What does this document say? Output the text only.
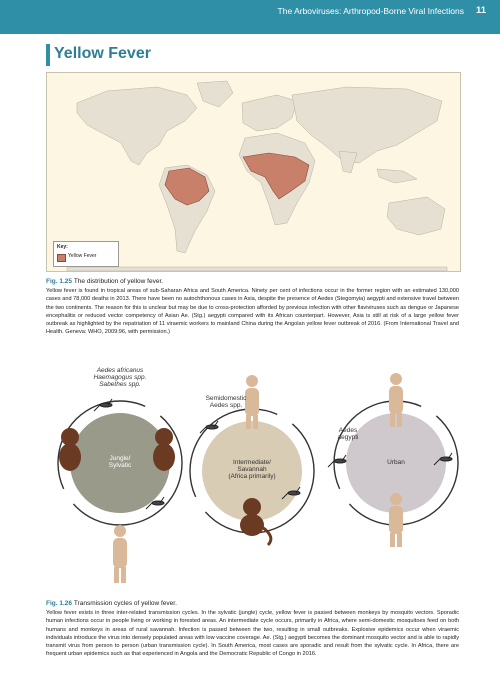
The Arboviruses: Arthropod-Borne Viral Infections 11
Yellow Fever
Key:
Yellow Fever
Fig. 1.25 The distribution of yellow fever.
Yellow fever is found in tropical areas of sub-Saharan Africa and South America. Ninety per cent of infections occur in the former region with an estimated 130,000 cases and 78,000 deaths in 2013. There have been no autochthonous cases in Asia, despite the presence of Aedes (Stegomyia) aegypti and extensive travel between the two continents. The reason for this is unclear but may be due to cross-protection afforded by previous infection with other flaviviruses such as dengue or Japanese encephalitis or reduced vector competency of Asian Ae. (Stg.) aegypti compared with its African counterpart. However, Asia is still at risk of a large yellow fever outbreak as highlighted by the repatriation of 11 viraemic workers to mainland China during the Angolan yellow fever outbreak of 2016. (From International Travel and Health. Geneva: WHO, 2009:96, with permission.)
Aedes africanus
Haemagogus spp.
Sabethes spp.
Semidomestic
Aedes spp.
Aedes
aegypti
Jungle/
Sylvatic	Intermediate/
Savannah
(Africa primarily)
Urban
Fig. 1.26 Transmission cycles of yellow fever.
Yellow fever exists in three inter-related transmission cycles. In the sylvatic (jungle) cycle, yellow fever is passed between monkeys by mosquito vectors. Sporadic human infections occur in people living or working in forested areas. An intermediate cycle occurs, primarily in Africa, where semi-domestic mosquitoes feed on both humans and monkeys in areas of rural savannah. Infection is passed between the two, resulting in small outbreaks. Explosive epidemics occur when viraemic individuals introduce the virus into densely populated areas with low vaccine coverage. Ae. (Stg.) aegypti becomes the dominant mosquito vector and is able to rapidly transmit virus from person to person (urban transmission cycle). In South America, most cases are sporadic and result from the sylvatic cycle. In Africa, there are frequent urban epidemics such as that experienced in Angola and the Democratic Republic of Congo in 2016.
